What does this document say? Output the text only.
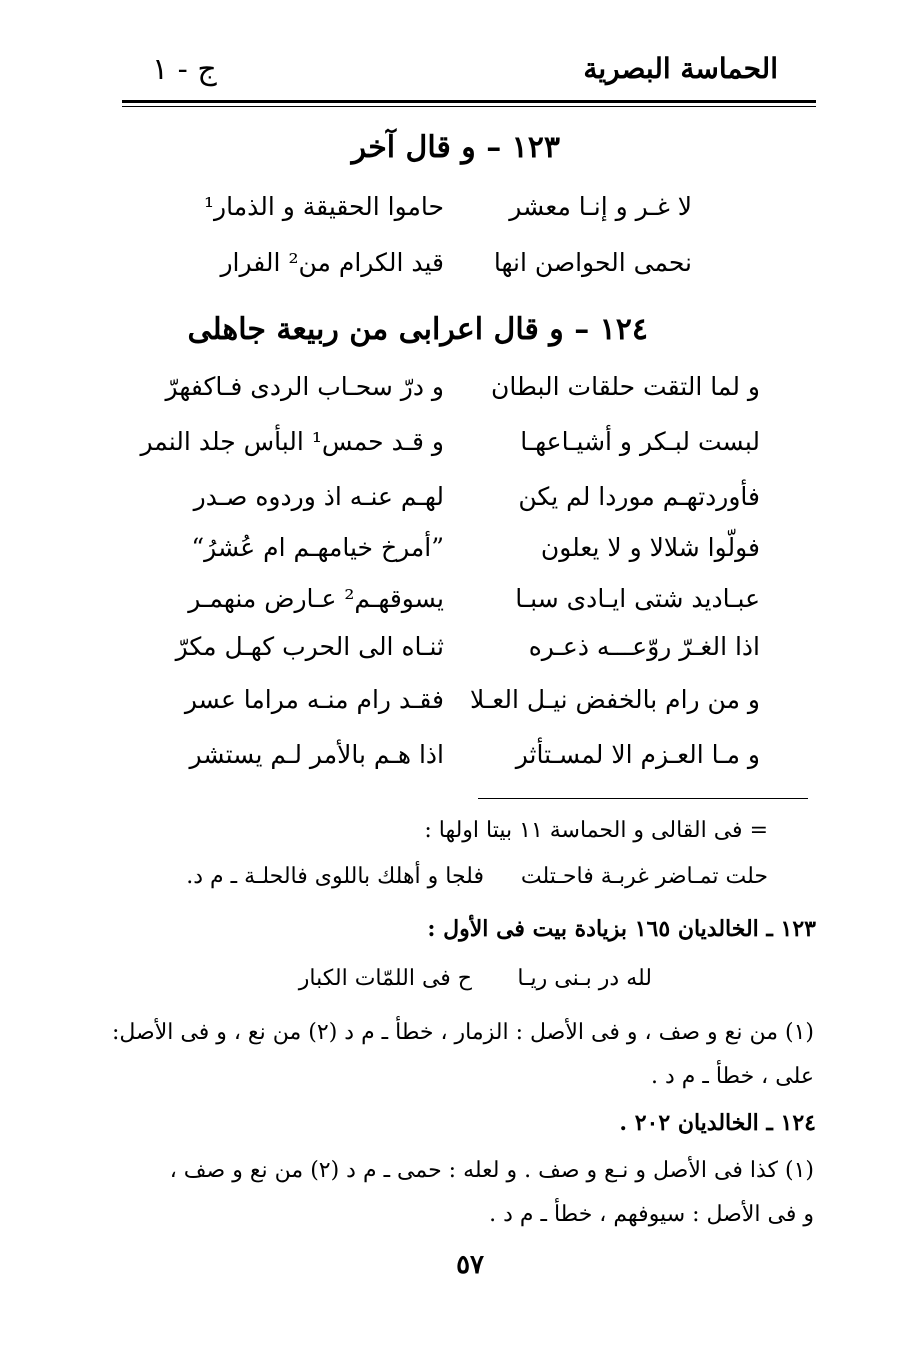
الحماسة البصرية
ج - ١
١٢٣ – و قال آخر
لا غـر و إنـا معشر
حاموا الحقيقة و الذمار¹
نحمى الحواصن انها
قيد الكرام من² الفرار
١٢٤ – و قال اعرابى من ربيعة جاهلى
و لما التقت حلقات البطان
و درّ سحـاب الردى فـاكفهرّ
لبست لبـكر و أشيـاعهـا
و قـد حمس¹ البأس جلد النمر
فأوردتهـم موردا لم يكن
لهـم عنـه اذ وردوه صـدر
فولّوا شلالا و لا يعلون
”أمرخ خيامهـم ام عُشرُ“
عبـاديد شتى ايـادى سبـا
يسوقهـم² عـارض منهمـر
اذا الغـرّ روّعـــه ذعـره
ثنـاه الى الحرب كهـل مكرّ
و من رام بالخفض نيـل العـلا
فقـد رام منـه مراما عسر
و مـا العـزم الا لمسـتأثر
اذا هـم بالأمر لـم يستشر
= فى القالى و الحماسة ١١ بيتا اولها :
حلت تمـاضر غربـة فاحـتلت
فلجا و أهلك باللوى فالحلـة ـ م د.
١٢٣ ـ الخالديان ١٦٥ بزيادة بيت فى الأول :
لله در بـنى ريـا
ح فى اللمّات الكبار
(١) من نع و صف ، و فى الأصل : الزمار ، خطأ ـ م د (٢) من نع ، و فى الأصل:
على ، خطأ ـ م د .
١٢٤ ـ الخالديان ٢٠٢ .
(١) كذا فى الأصل و نـع و صف . و لعله : حمى ـ م د (٢) من نع و صف ،
و فى الأصل : سيوفهم ، خطأ ـ م د .
٥٧
